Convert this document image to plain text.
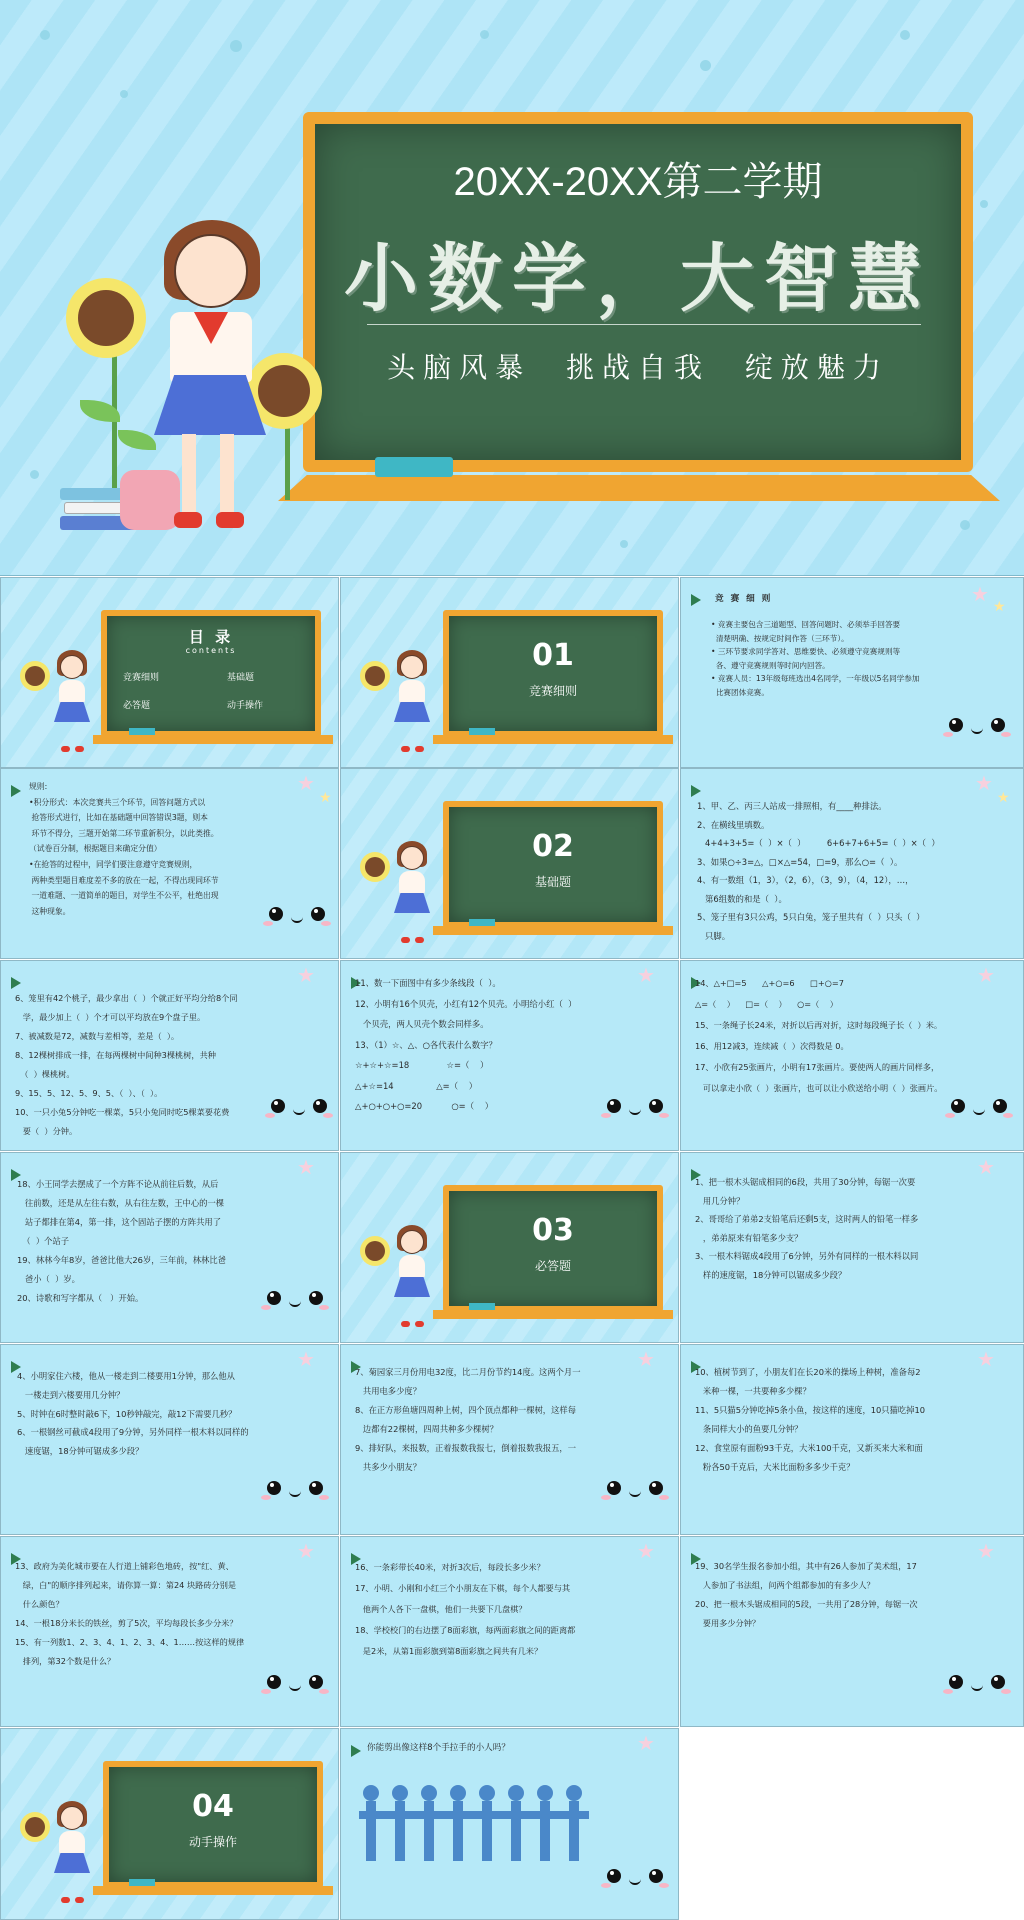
20XX-20XX第二学期
小数学，大智慧
头脑风暴 挑战自我 绽放魅力
目 录
contents
竞赛细则	基础题
必答题	动手操作
01
竞赛细则
竞 赛 细 则

• 竞赛主要包含三道题型、回答问题时、必须举手回答要

清楚明确、按规定时间作答（三环节）。

• 三环节要求同学答对、思维要快、必须遵守竞赛规则等

各、遵守竞赛规则等时间内回答。

• 竞赛人员：13年级每班选出4名同学，一年级以5名同学参加

比赛团体竞赛。

★
★

规则:

•积分形式：本次竞赛共三个环节，回答问题方式以

抢答形式进行，比如在基础题中回答错误3题，则本

环节不得分，三题开始第二环节重新积分，以此类推。

（试卷百分制，根据题目来确定分值）

•在抢答的过程中，同学们要注意遵守竞赛规则，

两种类型题目难度差不多的放在一起，不得出现同环节

一道难题、一道简单的题目，对学生不公平，杜绝出现

这种现象。

★
★
02
基础题

1、甲、乙、丙三人站成一排照相，有____种排法。

2、在横线里填数。

4+4+3+5=（  ）×（  ）        6+6+7+6+5=（  ）×（  ）

3、如果○÷3=△，□×△=54，□=9，那么○=（  ）。

4、有一数组（1，3），（2，6），（3，9），（4，12），…，

第6组数的和是（  ）。

5、笼子里有3只公鸡，5只白兔，笼子里共有（  ）只头（  ）

只脚。

★
★

6、笼里有42个桃子，最少拿出（  ）个就正好平均分给8个同

学，最少加上（  ）个才可以平均放在9个盘子里。

7、被减数是72，减数与差相等，差是（  ）。

8、12棵树排成一排，在每两棵树中间种3棵桃树，共种

（  ）棵桃树。

9、15、5、12、5、9、5、（  ）、（  ）。

10、一只小兔5分钟吃一棵菜，5只小兔同时吃5棵菜要花费

要（  ）分钟。

★	11、数一下面图中有多少条线段（  ）。

12、小明有16个贝壳，小红有12个贝壳。小明给小红（  ）

个贝壳，两人贝壳个数会同样多。

13、（1）☆、△、○各代表什么数字？

☆+☆+☆=18              ☆=（    ）

△+☆=14                △=（    ）

△+○+○+○=20           ○=（    ）

★	14、△+□=5      △+○=6      □+○=7

△=（    ）    □=（    ）    ○=（    ）

15、一条绳子长24米，对折以后再对折，这时每段绳子长（  ）米。

16、用12减3，连续减（  ）次得数是 0。

17、小欣有25张画片，小明有17张画片。要使两人的画片同样多，

可以拿走小欣（  ）张画片，也可以让小欣送给小明（  ）张画片。

★

18、小王同学去摆成了一个方阵不论从前往后数，从后

往前数，还是从左往右数，从右往左数，王中心的一棵

站子都排在第4，第一排，这个固站子摆的方阵共用了

（  ）个站子

19、林林今年8岁，爸爸比他大26岁，三年前，林林比爸

爸小（  ）岁。

20、诗歌和写字都从（   ）开始。

★
03
必答题

1、把一根木头锯成相同的6段，共用了30分钟，每锯一次要

用几分钟？

2、哥哥给了弟弟2支铅笔后还剩5支，这时两人的铅笔一样多

，弟弟原来有铅笔多少支？

3、一根木料锯成4段用了6分钟，另外有同样的一根木料以同

样的速度锯，18分钟可以锯成多少段？

★

4、小明家住六楼，他从一楼走到二楼要用1分钟，那么他从

一楼走到六楼要用几分钟？

5、时钟在6时整时敲6下，10秒钟敲完，敲12下需要几秒？

6、一根钢丝可截成4段用了9分钟，另外同样一根木料以同样的

速度锯，18分钟可锯成多少段？

★

7、菊园家三月份用电32度，比二月份节约14度。这两个月一

共用电多少度？

8、在正方形鱼塘四周种上树，四个顶点都种一棵树，这样每

边都有22棵树，四周共种多少棵树？

9、排好队，来报数，正着报数我报七，倒着报数我报五，一

共多少小朋友？

★

10、植树节到了，小朋友们在长20米的操场上种树，准备每2

米种一棵，一共要种多少棵？

11、5只猫5分钟吃掉5条小鱼，按这样的速度，10只猫吃掉10

条同样大小的鱼要几分钟？

12、食堂原有面粉93千克，大米100千克，又新买来大米和面

粉各50千克后，大米比面粉多多少千克？

★

13、政府为美化城市要在人行道上铺彩色地砖，按"红、黄、

绿，白"的顺序排列起来，请你算一算：第24 块路砖分别是

什么颜色？

14、一根18分米长的铁丝，剪了5次，平均每段长多少分米？

15、有一列数1、2、3、4、1、2、3、4、1……按这样的规律

排列，第32个数是什么？

★

16、一条彩带长40米，对折3次后，每段长多少米？

17、小明、小刚和小红三个小朋友在下棋，每个人都要与其

他两个人各下一盘棋，他们一共要下几盘棋？

18、学校校门的右边摆了8面彩旗，每两面彩旗之间的距离都

是2米，从第1面彩旗到第8面彩旗之间共有几米？

★

19、30名学生报名参加小组，其中有26人参加了美术组，17

人参加了书法组，问两个组都参加的有多少人？

20、把一根木头锯成相同的5段，一共用了28分钟，每锯一次

要用多少分钟？

★
04
动手操作
你能剪出像这样8个手拉手的小人吗？	★
